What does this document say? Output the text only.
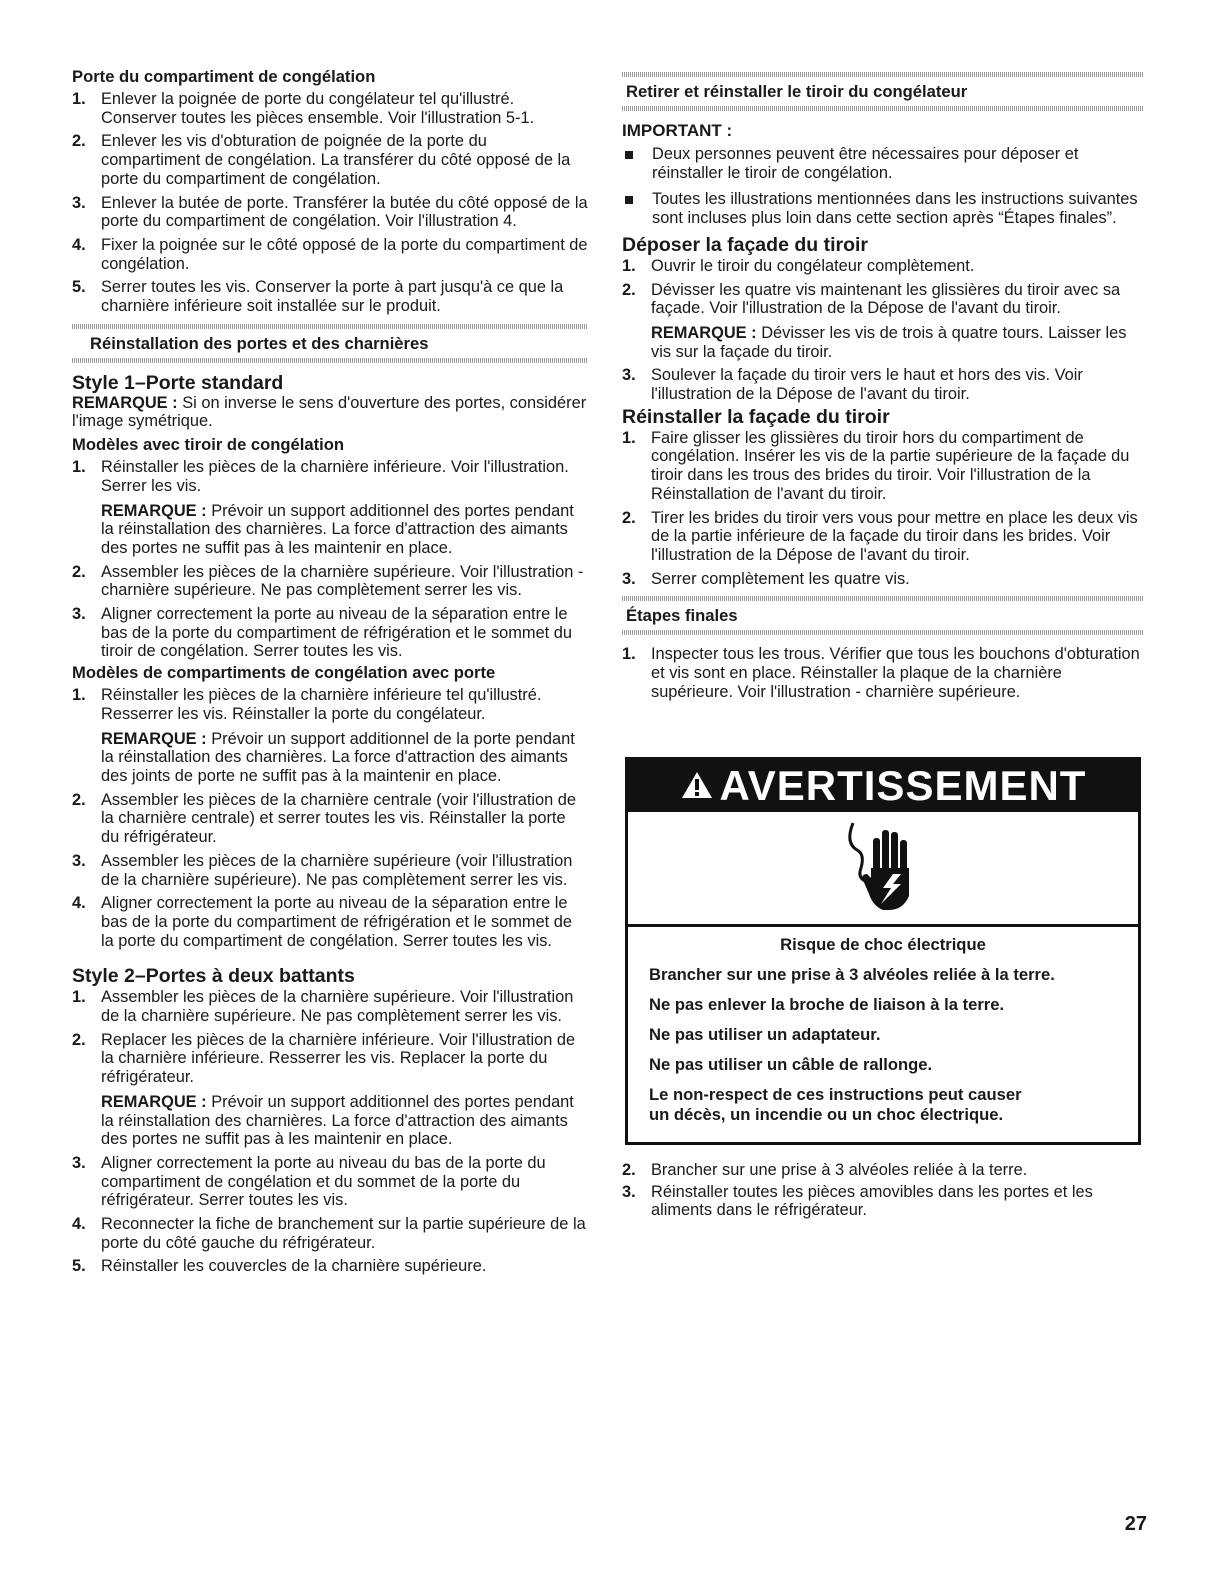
Porte du compartiment de congélation
1. Enlever la poignée de porte du congélateur tel qu'illustré. Conserver toutes les pièces ensemble. Voir l'illustration 5-1.
2. Enlever les vis d'obturation de poignée de la porte du compartiment de congélation. La transférer du côté opposé de la porte du compartiment de congélation.
3. Enlever la butée de porte. Transférer la butée du côté opposé de la porte du compartiment de congélation. Voir l'illustration 4.
4. Fixer la poignée sur le côté opposé de la porte du compartiment de congélation.
5. Serrer toutes les vis. Conserver la porte à part jusqu'à ce que la charnière inférieure soit installée sur le produit.
Réinstallation des portes et des charnières
Style 1–Porte standard
REMARQUE : Si on inverse le sens d'ouverture des portes, considérer l'image symétrique.
Modèles avec tiroir de congélation
1. Réinstaller les pièces de la charnière inférieure. Voir l'illustration. Serrer les vis.
REMARQUE : Prévoir un support additionnel des portes pendant la réinstallation des charnières. La force d'attraction des aimants des portes ne suffit pas à les maintenir en place.
2. Assembler les pièces de la charnière supérieure. Voir l'illustration - charnière supérieure. Ne pas complètement serrer les vis.
3. Aligner correctement la porte au niveau de la séparation entre le bas de la porte du compartiment de réfrigération et le sommet du tiroir de congélation. Serrer toutes les vis.
Modèles de compartiments de congélation avec porte
1. Réinstaller les pièces de la charnière inférieure tel qu'illustré. Resserrer les vis. Réinstaller la porte du congélateur.
REMARQUE : Prévoir un support additionnel de la porte pendant la réinstallation des charnières. La force d'attraction des aimants des joints de porte ne suffit pas à la maintenir en place.
2. Assembler les pièces de la charnière centrale (voir l'illustration de la charnière centrale) et serrer toutes les vis. Réinstaller la porte du réfrigérateur.
3. Assembler les pièces de la charnière supérieure (voir l'illustration de la charnière supérieure). Ne pas complètement serrer les vis.
4. Aligner correctement la porte au niveau de la séparation entre le bas de la porte du compartiment de réfrigération et le sommet de la porte du compartiment de congélation. Serrer toutes les vis.
Style 2–Portes à deux battants
1. Assembler les pièces de la charnière supérieure. Voir l'illustration de la charnière supérieure. Ne pas complètement serrer les vis.
2. Replacer les pièces de la charnière inférieure. Voir l'illustration de la charnière inférieure. Resserrer les vis. Replacer la porte du réfrigérateur.
REMARQUE : Prévoir un support additionnel des portes pendant la réinstallation des charnières. La force d'attraction des aimants des portes ne suffit pas à les maintenir en place.
3. Aligner correctement la porte au niveau du bas de la porte du compartiment de congélation et du sommet de la porte du réfrigérateur. Serrer toutes les vis.
4. Reconnecter la fiche de branchement sur la partie supérieure de la porte du côté gauche du réfrigérateur.
5. Réinstaller les couvercles de la charnière supérieure.
Retirer et réinstaller le tiroir du congélateur
IMPORTANT :
Deux personnes peuvent être nécessaires pour déposer et réinstaller le tiroir de congélation.
Toutes les illustrations mentionnées dans les instructions suivantes sont incluses plus loin dans cette section après “Étapes finales”.
Déposer la façade du tiroir
1. Ouvrir le tiroir du congélateur complètement.
2. Dévisser les quatre vis maintenant les glissières du tiroir avec sa façade. Voir l'illustration de la Dépose de l'avant du tiroir.
REMARQUE : Dévisser les vis de trois à quatre tours. Laisser les vis sur la façade du tiroir.
3. Soulever la façade du tiroir vers le haut et hors des vis. Voir l'illustration de la Dépose de l'avant du tiroir.
Réinstaller la façade du tiroir
1. Faire glisser les glissières du tiroir hors du compartiment de congélation. Insérer les vis de la partie supérieure de la façade du tiroir dans les trous des brides du tiroir. Voir l'illustration de la Réinstallation de l'avant du tiroir.
2. Tirer les brides du tiroir vers vous pour mettre en place les deux vis de la partie inférieure de la façade du tiroir dans les brides. Voir l'illustration de la Dépose de l'avant du tiroir.
3. Serrer complètement les quatre vis.
Étapes finales
1. Inspecter tous les trous. Vérifier que tous les bouchons d'obturation et vis sont en place. Réinstaller la plaque de la charnière supérieure. Voir l'illustration - charnière supérieure.
AVERTISSEMENT
Risque de choc électrique
Brancher sur une prise à 3 alvéoles reliée à la terre.
Ne pas enlever la broche de liaison à la terre.
Ne pas utiliser un adaptateur.
Ne pas utiliser un câble de rallonge.
Le non-respect de ces instructions peut causer
un décès, un incendie ou un choc électrique.
2. Brancher sur une prise à 3 alvéoles reliée à la terre.
3. Réinstaller toutes les pièces amovibles dans les portes et les aliments dans le réfrigérateur.
27
